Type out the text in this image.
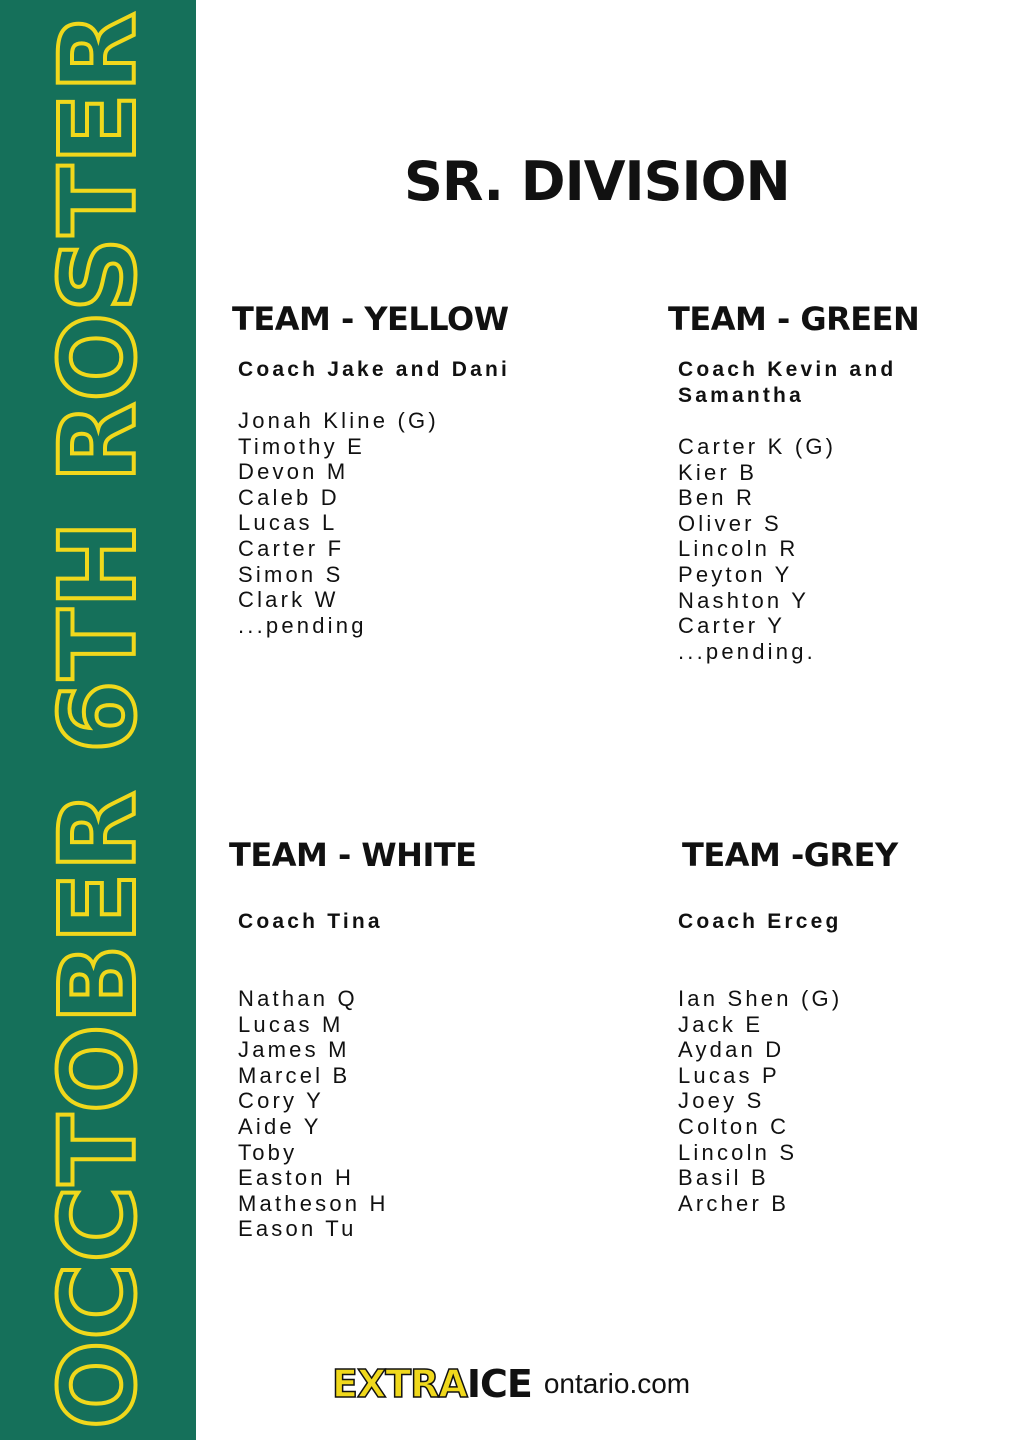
OCCTOBER 6TH ROSTER	SR. DIVISION
TEAM - YELLOW
Coach Jake and Dani
Jonah Kline (G)
Timothy E
Devon M
Caleb D
Lucas L
Carter F
Simon S
Clark W
...pending
TEAM - GREEN
Coach Kevin and Samantha
Carter K (G)
Kier B
Ben R
Oliver S
Lincoln R
Peyton Y
Nashton Y
Carter Y
...pending.
TEAM - WHITE
Coach Tina
Nathan Q
Lucas M
James M
Marcel B
Cory Y
Aide Y
Toby
Easton H
Matheson H
Eason Tu
TEAM -GREY
Coach Erceg
Ian Shen (G)
Jack E
Aydan D
Lucas P
Joey S
Colton C
Lincoln S
Basil B
Archer B
EXTRA ICE ontario.com
